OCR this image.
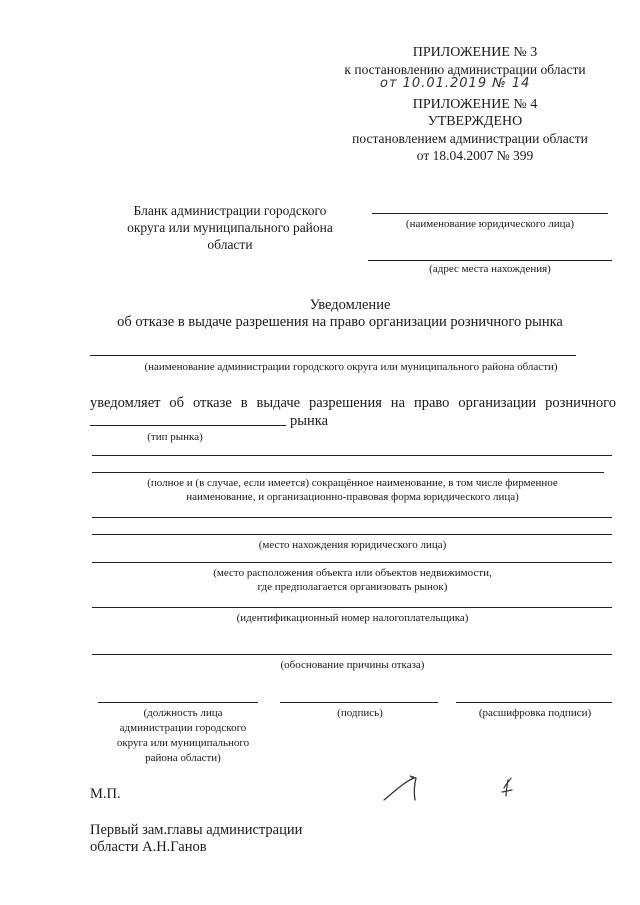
ПРИЛОЖЕНИЕ № 3
к постановлению администрации области
от 10.01.2019 № 14
ПРИЛОЖЕНИЕ № 4
УТВЕРЖДЕНО
постановлением администрации области
от 18.04.2007 № 399
Бланк администрации городского
округа или муниципального района
области
(наименование юридического лица)
(адрес места нахождения)
Уведомление
об отказе в выдаче разрешения на право организации розничного рынка
(наименование администрации городского округа или муниципального района области)
уведомляет об отказе в выдаче разрешения на право организации розничного
рынка
(тип рынка)
(полное и (в случае, если имеется) сокращённое наименование, в том числе фирменное
наименование, и организационно-правовая форма юридического лица)
(место нахождения юридического лица)
(место расположения объекта или объектов недвижимости,
где предполагается организовать рынок)
(идентификационный номер налогоплательщика)
(обоснование причины отказа)
(должность лица
администрации городского
округа или муниципального
района области)
(подпись)	(расшифровка подписи)
М.П.
Первый зам.главы администрации
области А.Н.Ганов
